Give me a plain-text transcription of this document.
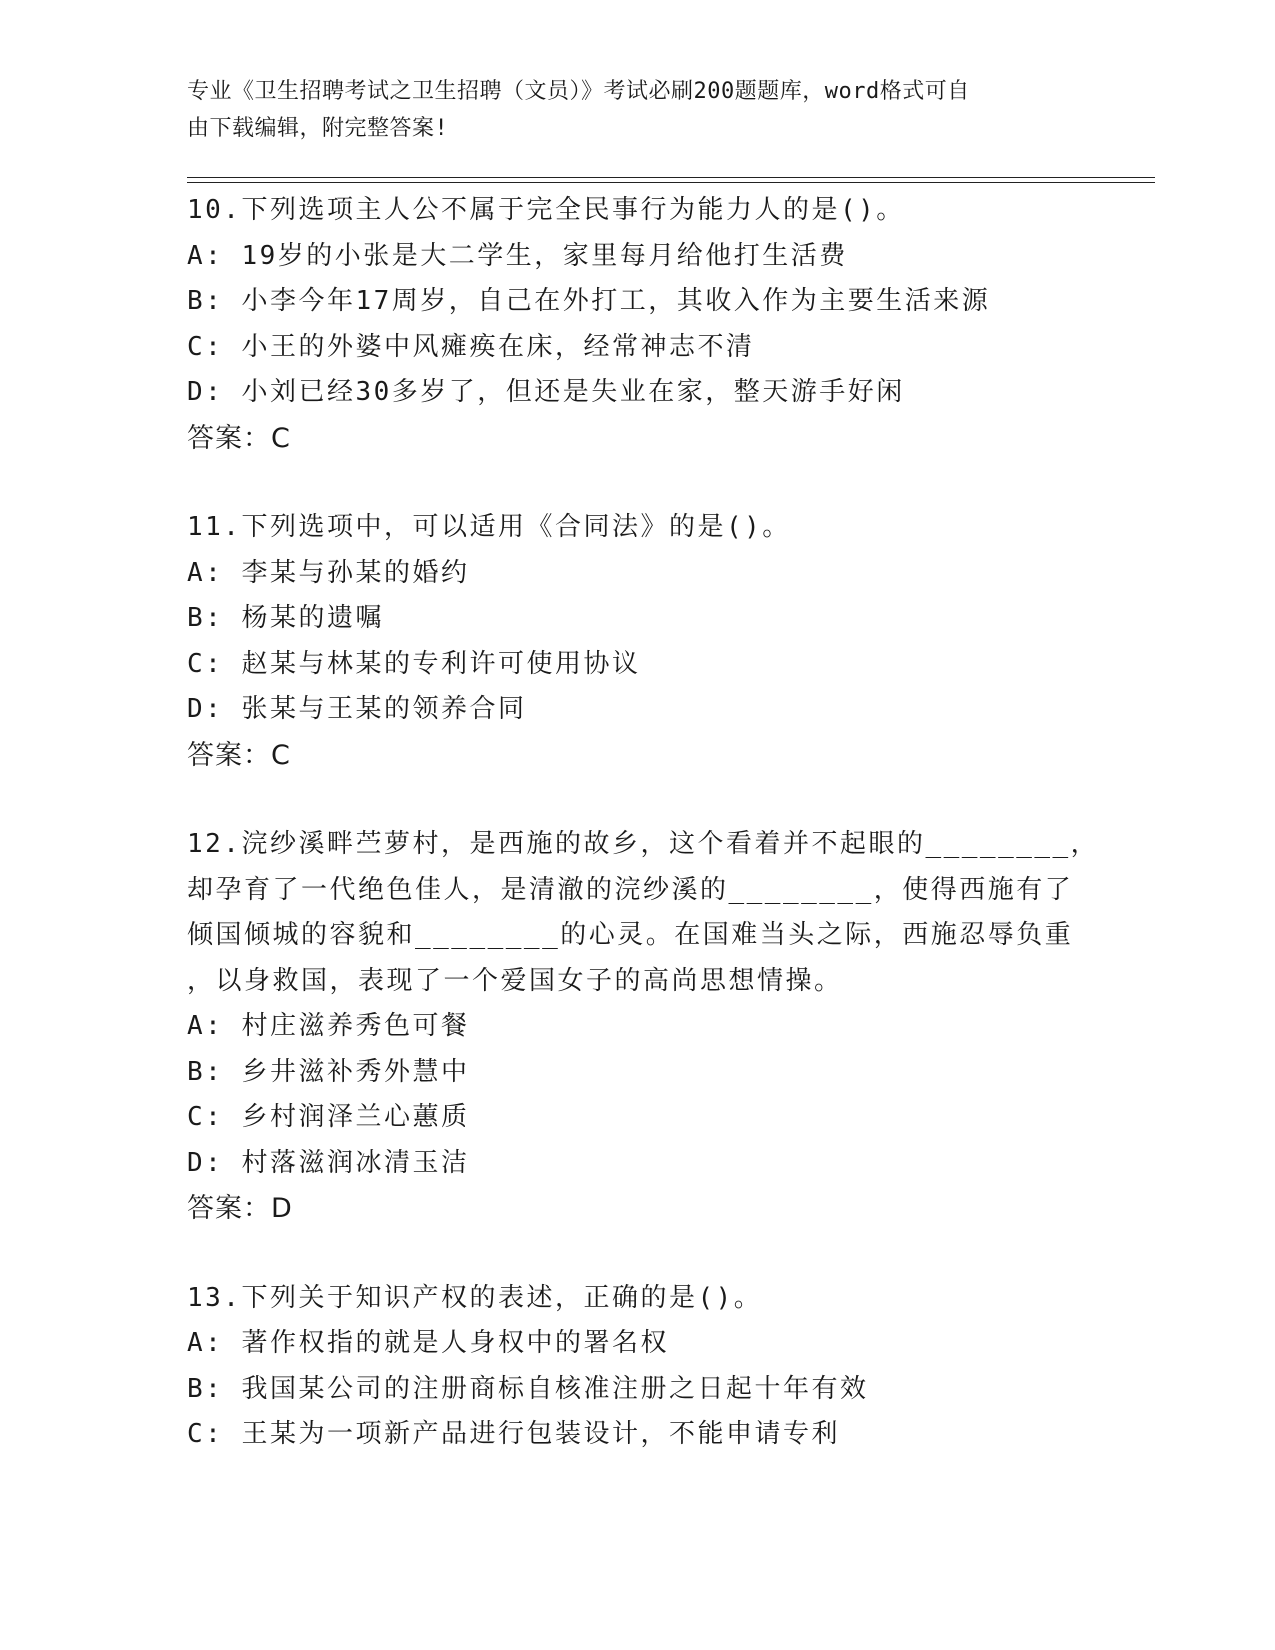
专业《卫生招聘考试之卫生招聘（文员）》考试必刷200题题库，word格式可自
由下载编辑，附完整答案!
10.下列选项主人公不属于完全民事行为能力人的是()。
A: 19岁的小张是大二学生，家里每月给他打生活费
B: 小李今年17周岁，自己在外打工，其收入作为主要生活来源
C: 小王的外婆中风瘫痪在床，经常神志不清
D: 小刘已经30多岁了，但还是失业在家，整天游手好闲
答案：C
11.下列选项中，可以适用《合同法》的是()。
A: 李某与孙某的婚约
B: 杨某的遗嘱
C: 赵某与林某的专利许可使用协议
D: 张某与王某的领养合同
答案：C
12.浣纱溪畔苎萝村，是西施的故乡，这个看着并不起眼的________，
却孕育了一代绝色佳人，是清澈的浣纱溪的________，使得西施有了
倾国倾城的容貌和________的心灵。在国难当头之际，西施忍辱负重
，以身救国，表现了一个爱国女子的高尚思想情操。
A: 村庄滋养秀色可餐
B: 乡井滋补秀外慧中
C: 乡村润泽兰心蕙质
D: 村落滋润冰清玉洁
答案：D
13.下列关于知识产权的表述，正确的是()。
A: 著作权指的就是人身权中的署名权
B: 我国某公司的注册商标自核准注册之日起十年有效
C: 王某为一项新产品进行包装设计，不能申请专利
